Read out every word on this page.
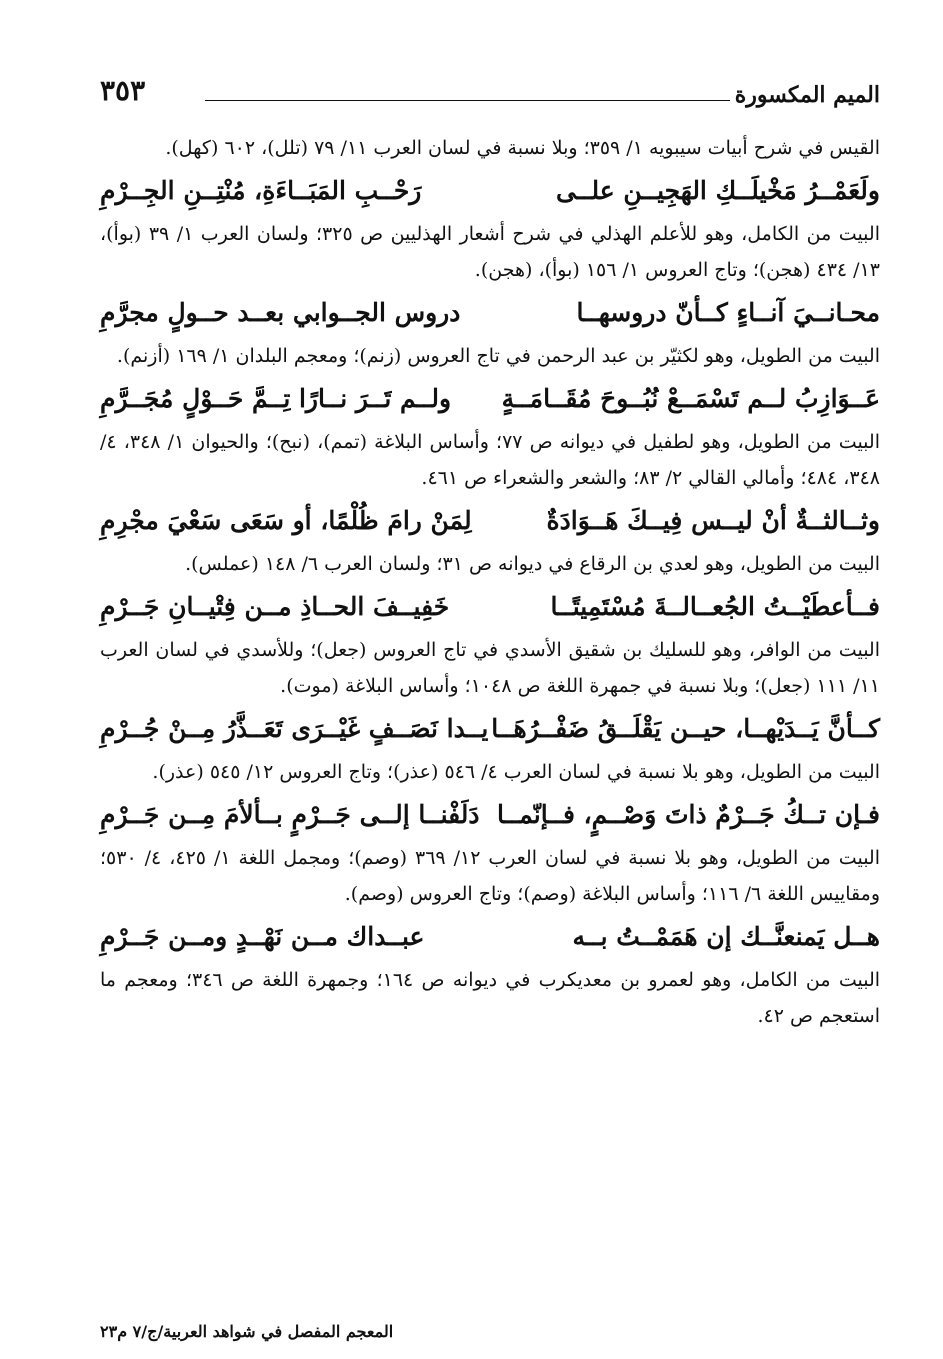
الميم المكسورة
٣٥٣
القيس في شرح أبيات سيبويه ١/ ٣٥٩؛ وبلا نسبة في لسان العرب ١١/ ٧٩ (تلل)، ٦٠٢ (كهل).
ولَعَمْــرُ مَخْيلَــكِ الهَجِيــنِ علــى
رَحْــبِ المَبَــاءَةِ، مُنْتِــنِ الجِــرْمِ
البيت من الكامل، وهو للأعلم الهذلي في شرح أشعار الهذليين ص ٣٢٥؛ ولسان العرب ١/ ٣٩ (بوأ)، ١٣/ ٤٣٤ (هجن)؛ وتاج العروس ١/ ١٥٦ (بوأ)، (هجن).
محـانــيَ آنــاءٍ كــأنّ دروسهــا
دروس الجــوابي بعــد حــولٍ مجرَّمِ
البيت من الطويل، وهو لكثيّر بن عبد الرحمن في تاج العروس (زنم)؛ ومعجم البلدان ١/ ١٦٩ (أزنم).
عَــوَازِبُ لــم تَسْمَــعْ نُبُــوحَ مُقَــامَــةٍ
ولــم تَــرَ نــارًا تِــمَّ حَــوْلٍ مُجَــرَّمِ
البيت من الطويل، وهو لطفيل في ديوانه ص ٧٧؛ وأساس البلاغة (تمم)، (نبح)؛ والحيوان ١/ ٣٤٨، ٤/ ٣٤٨، ٤٨٤؛ وأمالي القالي ٢/ ٨٣؛ والشعر والشعراء ص ٤٦١.
وثــالثــةٌ أنْ ليــس فِيــكَ هَــوَادَةٌ
لِمَنْ رامَ ظُلْمًا، أو سَعَى سَعْيَ مجْرِمِ
البيت من الطويل، وهو لعدي بن الرقاع في ديوانه ص ٣١؛ ولسان العرب ٦/ ١٤٨ (عملس).
فــأعطَيْــتُ الجُعــالــةَ مُسْتَمِيتًــا
خَفِيــفَ الحــاذِ مــن فِتْيــانِ جَــرْمِ
البيت من الوافر، وهو للسليك بن شقيق الأسدي في تاج العروس (جعل)؛ وللأسدي في لسان العرب ١١/ ١١١ (جعل)؛ وبلا نسبة في جمهرة اللغة ص ١٠٤٨؛ وأساس البلاغة (موت).
كــأنَّ يَــدَيْهــا، حيــن يَقْلَــقُ ضَفْــرُهَــا
يــدا نَصَــفٍ غَيْــرَى تَعَــذَّرُ مِــنْ جُــرْمِ
البيت من الطويل، وهو بلا نسبة في لسان العرب ٤/ ٥٤٦ (عذر)؛ وتاج العروس ١٢/ ٥٤٥ (عذر).
فـإن تــكُ جَــرْمٌ ذاتَ وَصْــمٍ، فــإنّمــا
دَلَفْنــا إلــى جَــرْمٍ بــألأمَ مِــن جَــرْمِ
البيت من الطويل، وهو بلا نسبة في لسان العرب ١٢/ ٣٦٩ (وصم)؛ ومجمل اللغة ١/ ٤٢٥، ٤/ ٥٣٠؛ ومقاييس اللغة ٦/ ١١٦؛ وأساس البلاغة (وصم)؛ وتاج العروس (وصم).
هــل يَمنعنَّــك إن هَمَمْــتُ بــه
عبــداك مــن نَهْــدٍ ومــن جَــرْمِ
البيت من الكامل، وهو لعمرو بن معديكرب في ديوانه ص ١٦٤؛ وجمهرة اللغة ص ٣٤٦؛ ومعجم ما استعجم ص ٤٢.
المعجم المفصل في شواهد العربية/ج/٧ م٢٣
